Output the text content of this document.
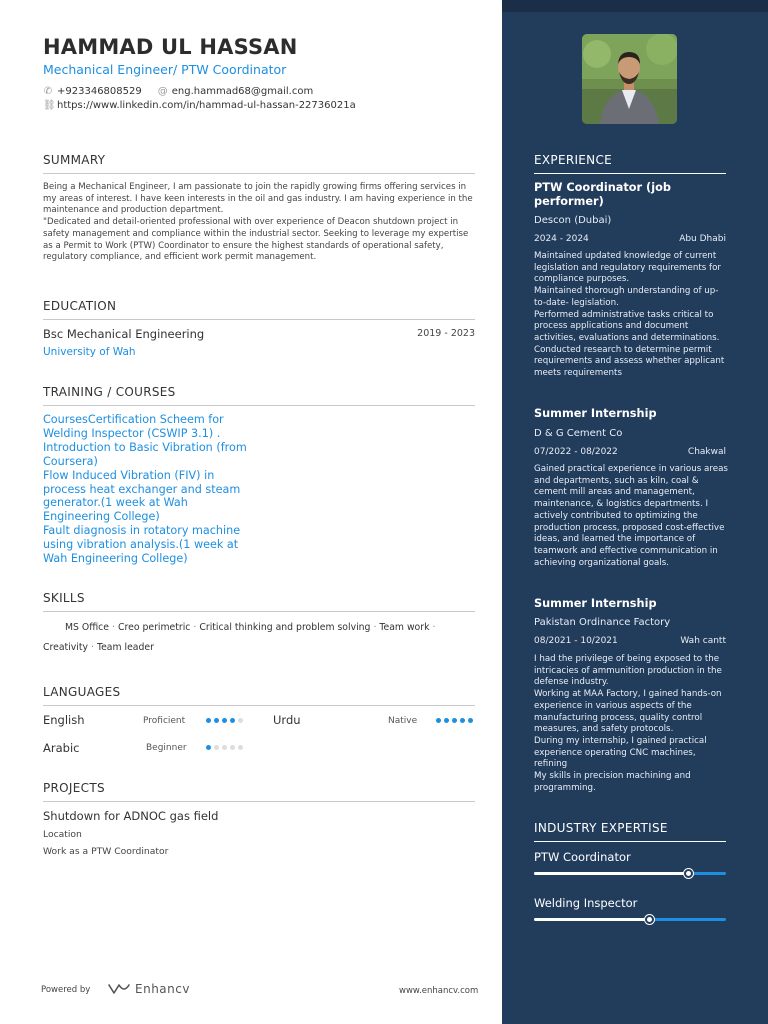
HAMMAD UL HASSAN
Mechanical Engineer/ PTW Coordinator
✆ +923346808529 @ eng.hammad68@gmail.com
⛓ https://www.linkedin.com/in/hammad-ul-hassan-22736021a
SUMMARY
Being a Mechanical Engineer, I am passionate to join the rapidly growing firms offering services in my areas of interest. I have keen interests in the oil and gas industry. I am having experience in the maintenance and production department.
"Dedicated and detail-oriented professional with over experience of Deacon shutdown project in safety management and compliance within the industrial sector. Seeking to leverage my expertise as a Permit to Work (PTW) Coordinator to ensure the highest standards of operational safety, regulatory compliance, and efficient work permit management.
EDUCATION
Bsc Mechanical Engineering	2019 - 2023
University of Wah
TRAINING / COURSES
CoursesCertification Scheem for Welding Inspector (CSWIP 3.1) .
Introduction to Basic Vibration (from Coursera)
Flow Induced Vibration (FIV) in process heat exchanger and steam generator.(1 week at Wah Engineering College)
Fault diagnosis in rotatory machine using vibration analysis.(1 week at Wah Engineering College)
SKILLS
MS Office · Creo perimetric · Critical thinking and problem solving · Team work ·
Creativity · Team leader
LANGUAGES
English	Proficient	Urdu	Native
Arabic	Beginner
PROJECTS
Shutdown for ADNOC gas field
Location
Work as a PTW Coordinator
Powered by	Enhancv	www.enhancv.com
EXPERIENCE
PTW Coordinator (job performer)
Descon (Dubai)
2024 - 2024	Abu Dhabi
Maintained updated knowledge of current legislation and regulatory requirements for compliance purposes.
Maintained thorough understanding of up-to-date- legislation.
Performed administrative tasks critical to process applications and document activities, evaluations and determinations.
Conducted research to determine permit requirements and assess whether applicant meets requirements
Summer Internship
D & G Cement Co
07/2022 - 08/2022	Chakwal
Gained practical experience in various areas and departments, such as kiln, coal & cement mill areas and management, maintenance, & logistics departments. I actively contributed to optimizing the production process, proposed cost-effective ideas, and learned the importance of teamwork and effective communication in achieving organizational goals.
Summer Internship
Pakistan Ordinance Factory
08/2021 - 10/2021	Wah cantt
I had the privilege of being exposed to the intricacies of ammunition production in the defense industry.
Working at MAA Factory, I gained hands-on experience in various aspects of the manufacturing process, quality control measures, and safety protocols.
During my internship, I gained practical experience operating CNC machines, refining
My skills in precision machining and programming.
INDUSTRY EXPERTISE
PTW Coordinator
Welding Inspector
